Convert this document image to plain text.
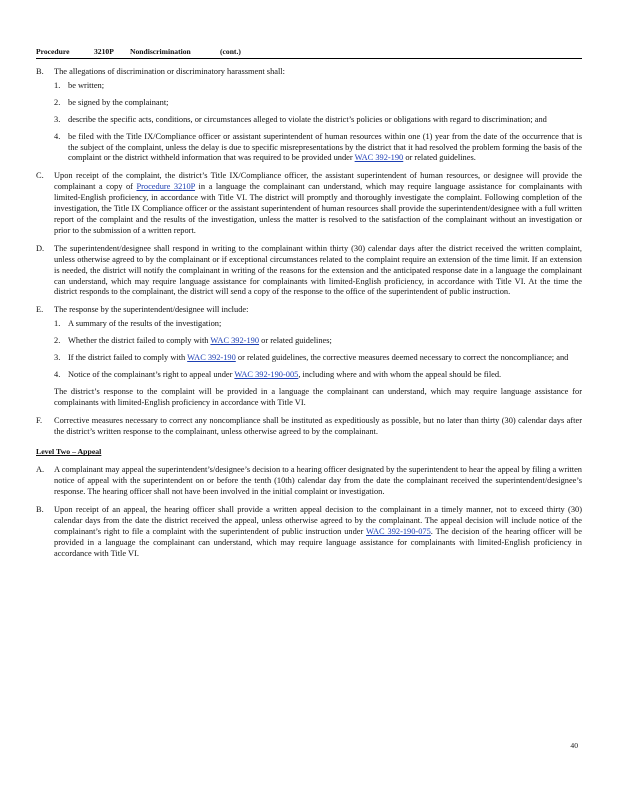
Procedure	3210P Nondiscrimination	(cont.)
B. The allegations of discrimination or discriminatory harassment shall:
1. be written;
2. be signed by the complainant;
3. describe the specific acts, conditions, or circumstances alleged to violate the district’s policies or obligations with regard to discrimination; and
4. be filed with the Title IX/Compliance officer or assistant superintendent of human resources within one (1) year from the date of the occurrence that is the subject of the complaint, unless the delay is due to specific misrepresentations by the district that it had resolved the problem forming the basis of the complaint or the district withheld information that was required to be provided under WAC 392-190 or related guidelines.
C. Upon receipt of the complaint, the district’s Title IX/Compliance officer, the assistant superintendent of human resources, or designee will provide the complainant a copy of Procedure 3210P in a language the complainant can understand, which may require language assistance for complainants with limited-English proficiency, in accordance with Title VI. The district will promptly and thoroughly investigate the complaint. Following completion of the investigation, the Title IX Compliance officer or the assistant superintendent of human resources shall provide the superintendent/designee with a full written report of the complaint and the results of the investigation, unless the matter is resolved to the satisfaction of the complainant without an investigation or prior to the submission of a written report.
D. The superintendent/designee shall respond in writing to the complainant within thirty (30) calendar days after the district received the written complaint, unless otherwise agreed to by the complainant or if exceptional circumstances related to the complaint require an extension of the time limit. If an extension is needed, the district will notify the complainant in writing of the reasons for the extension and the anticipated response date in a language the complainant can understand, which may require language assistance for complainants with limited-English proficiency, in accordance with Title VI. At the time the district responds to the complainant, the district will send a copy of the response to the office of the superintendent of public instruction.
E. The response by the superintendent/designee will include:
1. A summary of the results of the investigation;
2. Whether the district failed to comply with WAC 392-190 or related guidelines;
3. If the district failed to comply with WAC 392-190 or related guidelines, the corrective measures deemed necessary to correct the noncompliance; and
4. Notice of the complainant’s right to appeal under WAC 392-190-005, including where and with whom the appeal should be filed.
The district’s response to the complaint will be provided in a language the complainant can understand, which may require language assistance for complainants with limited-English proficiency in accordance with Title VI.
F. Corrective measures necessary to correct any noncompliance shall be instituted as expeditiously as possible, but no later than thirty (30) calendar days after the district’s written response to the complainant, unless otherwise agreed to by the complainant.
Level Two – Appeal
A. A complainant may appeal the superintendent’s/designee’s decision to a hearing officer designated by the superintendent to hear the appeal by filing a written notice of appeal with the superintendent on or before the tenth (10th) calendar day from the date the complainant received the superintendent/designee’s response. The hearing officer shall not have been involved in the initial complaint or investigation.
B. Upon receipt of an appeal, the hearing officer shall provide a written appeal decision to the complainant in a timely manner, not to exceed thirty (30) calendar days from the date the district received the appeal, unless otherwise agreed to by the complainant. The appeal decision will include notice of the complainant’s right to file a complaint with the superintendent of public instruction under WAC 392-190-075. The decision of the hearing officer will be provided in a language the complainant can understand, which may require language assistance for complainants with limited-English proficiency in accordance with Title VI.
40
